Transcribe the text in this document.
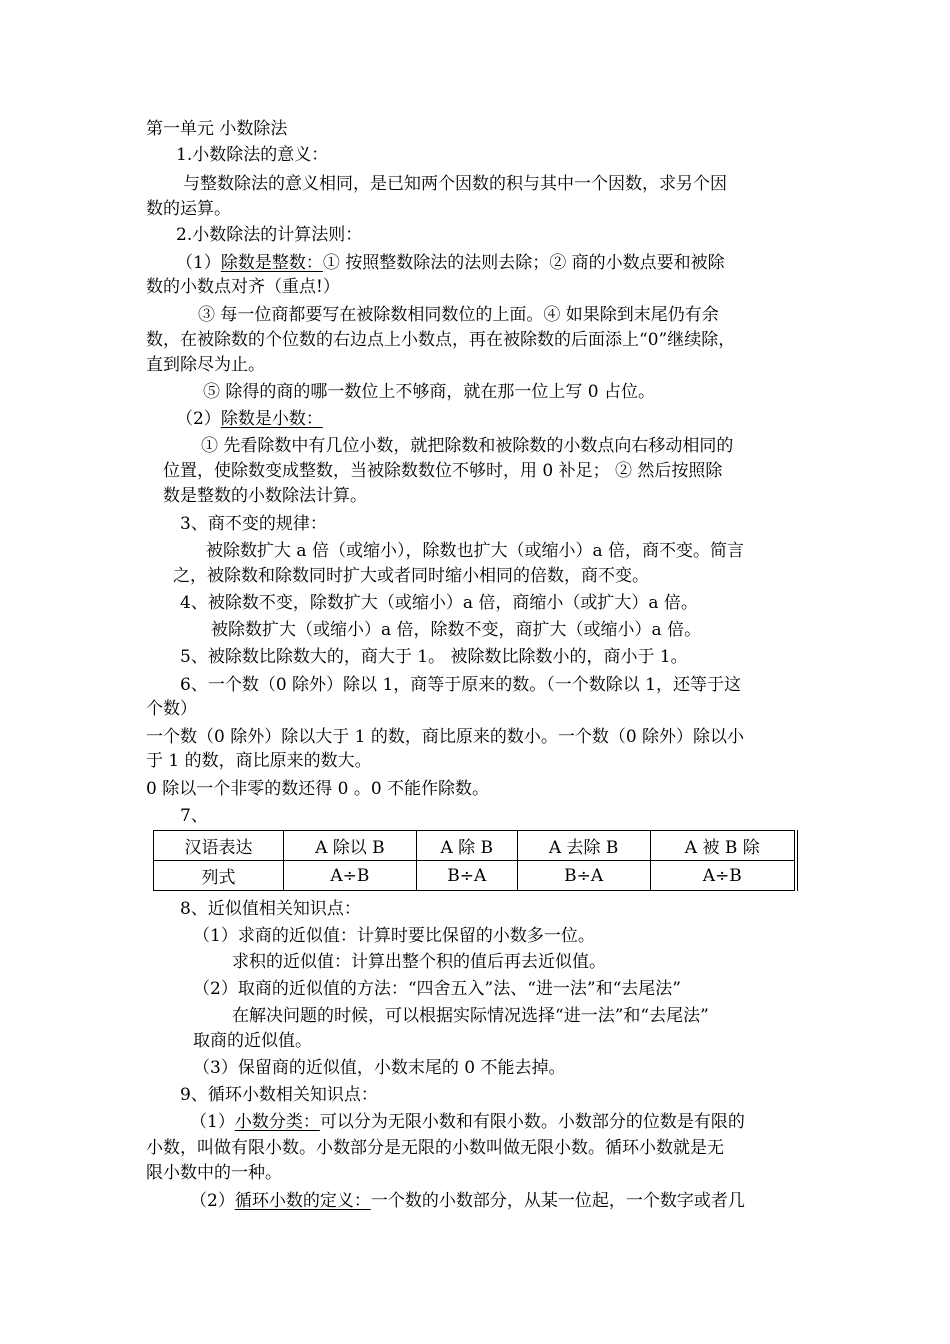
第一单元 小数除法
1.小数除法的意义：
与整数除法的意义相同，是已知两个因数的积与其中一个因数，求另个因
数的运算。
2.小数除法的计算法则：
（1）除数是整数：① 按照整数除法的法则去除；② 商的小数点要和被除
数的小数点对齐（重点!）
③ 每一位商都要写在被除数相同数位的上面。④ 如果除到末尾仍有余
数，在被除数的个位数的右边点上小数点，再在被除数的后面添上“0”继续除，
直到除尽为止。
⑤ 除得的商的哪一数位上不够商，就在那一位上写 0 占位。
（2）除数是小数：
① 先看除数中有几位小数，就把除数和被除数的小数点向右移动相同的
位置，使除数变成整数，当被除数数位不够时，用 0 补足； ② 然后按照除
数是整数的小数除法计算。
3、商不变的规律：
被除数扩大 a 倍（或缩小），除数也扩大（或缩小）a 倍，商不变。简言
之，被除数和除数同时扩大或者同时缩小相同的倍数，商不变。
4、被除数不变，除数扩大（或缩小）a 倍，商缩小（或扩大）a 倍。
被除数扩大（或缩小）a 倍，除数不变，商扩大（或缩小）a 倍。
5、被除数比除数大的，商大于 1。 被除数比除数小的，商小于 1。
6、一个数（0 除外）除以 1，商等于原来的数。（一个数除以 1，还等于这
个数）
一个数（0 除外）除以大于 1 的数，商比原来的数小。一个数（0 除外）除以小
于 1 的数，商比原来的数大。
0 除以一个非零的数还得 0 。0 不能作除数。
7、
汉语表达	A 除以 B	A 除 B	A 去除 B	A 被 B 除
列式	A÷B	B÷A	B÷A	A÷B
8、近似值相关知识点：
（1）求商的近似值：计算时要比保留的小数多一位。
求积的近似值：计算出整个积的值后再去近似值。
（2）取商的近似值的方法：“四舍五入”法、“进一法”和“去尾法”
在解决问题的时候，可以根据实际情况选择“进一法”和“去尾法”
取商的近似值。
（3）保留商的近似值，小数末尾的 0 不能去掉。
9、循环小数相关知识点：
（1）小数分类：可以分为无限小数和有限小数。小数部分的位数是有限的
小数，叫做有限小数。小数部分是无限的小数叫做无限小数。循环小数就是无
限小数中的一种。
（2）循环小数的定义：一个数的小数部分，从某一位起，一个数字或者几
